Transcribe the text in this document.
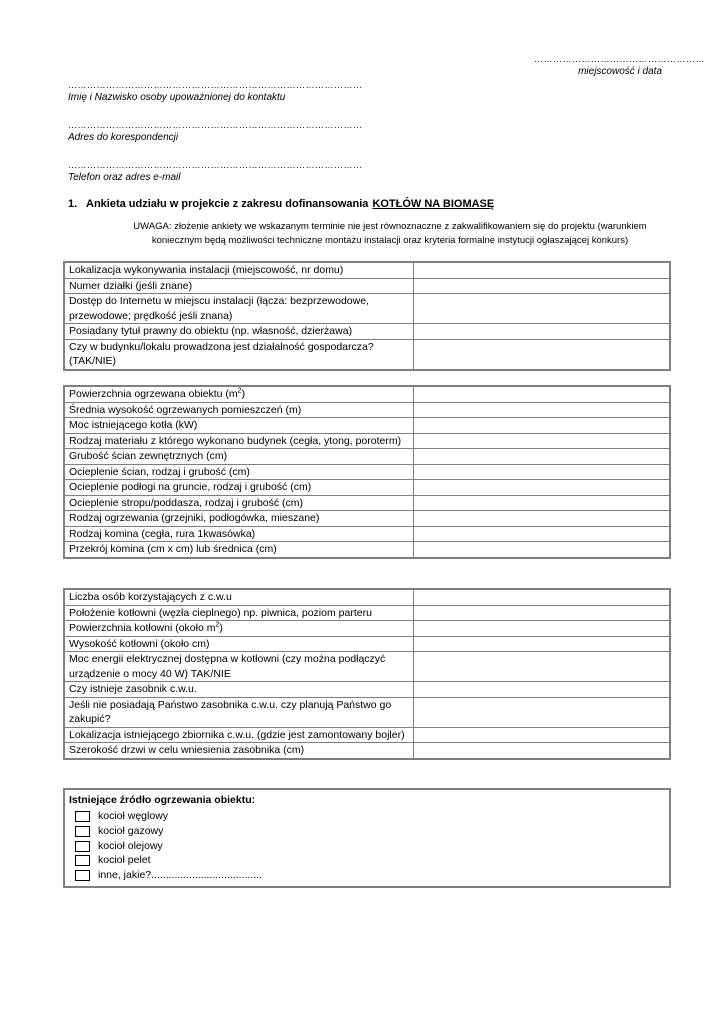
………………………………………………
miejscowość i data
…………………………………………………………………………………
Imię i Nazwisko osoby upoważnionej do kontaktu
…………………………………………………………………………………
Adres do korespondencji
…………………………………………………………………………………
Telefon oraz adres e-mail
1. Ankieta udziału w projekcie z zakresu dofinansowania KOTŁÓW NA BIOMASĘ
UWAGA: złożenie ankiety we wskazanym terminie nie jest równoznaczne z zakwalifikowaniem się do projektu (warunkiem koniecznym będą możliwości techniczne montażu instalacji oraz kryteria formalne instytucji ogłaszającej konkurs)
Lokalizacja wykonywania instalacji (miejscowość, nr domu)	
Numer działki (jeśli znane)	
Dostęp do Internetu w miejscu instalacji (łącza: bezprzewodowe, przewodowe; prędkość jeśli znana)	
Posiadany tytuł prawny do obiektu (np. własność, dzierżawa)	
Czy w budynku/lokalu prowadzona jest działalność gospodarcza? (TAK/NIE)	
Powierzchnia ogrzewana obiektu $(m^2)$	
Średnia wysokość ogrzewanych pomieszczeń (m)	
Moc istniejącego kotła (kW)	
Rodzaj materiału z którego wykonano budynek (cegła, ytong, poroterm)	
Grubość ścian zewnętrznych (cm)	
Ocieplenie ścian, rodzaj i grubość (cm)	
Ocieplenie podłogi na gruncie, rodzaj i grubość (cm)	
Ocieplenie stropu/poddasza, rodzaj i grubość (cm)	
Rodzaj ogrzewania (grzejniki, podłogówka, mieszane)	
Rodzaj komina (cegła, rura 1kwasówka)	
Przekrój komina (cm x cm) lub średnica (cm)	
Liczba osób korzystających z c.w.u	
Położenie kotłowni (węzła cieplnego) np. piwnica, poziom parteru	
Powierzchnia kotłowni (około $m^2$)	
Wysokość kotłowni (około cm)	
Moc energii elektrycznej dostępna w kotłowni (czy można podłączyć urządzenie o mocy 40 W) TAK/NIE	
Czy istnieje zasobnik c.w.u.	
Jeśli nie posiadają Państwo zasobnika c.w.u. czy planują Państwo go zakupić?	
Lokalizacja istniejącego zbiornika c.w.u. (gdzie jest zamontowany bojler)	
Szerokość drzwi w celu wniesienia zasobnika (cm)	
Istniejące źródło ogrzewania obiektu:
kocioł węglowy
kocioł gazowy
kocioł olejowy
kocioł pelet
inne, jakie?......................................
